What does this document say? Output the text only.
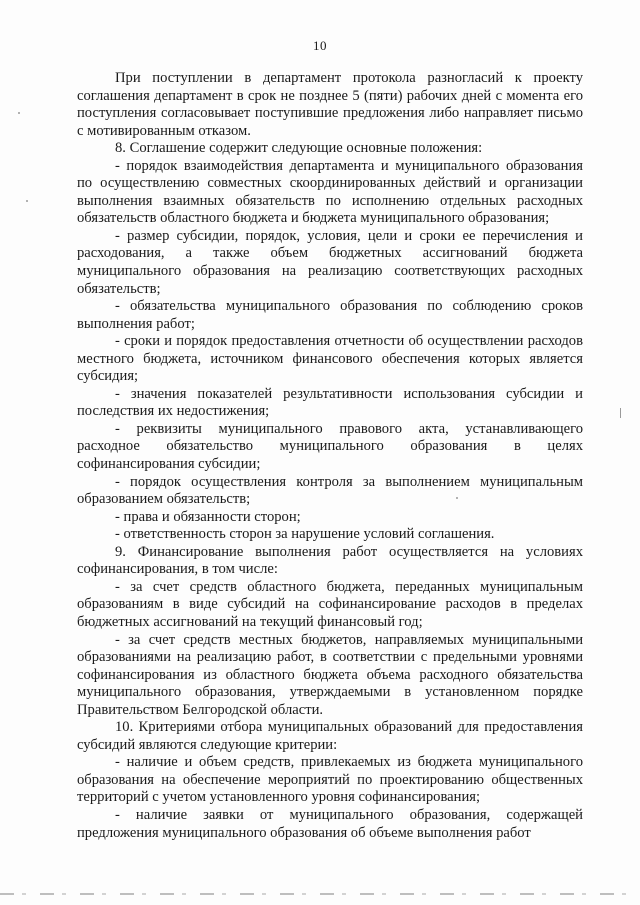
10

При поступлении в департамент протокола разногласий к проекту соглашения департамент в срок не позднее 5 (пяти) рабочих дней с момента его поступления согласовывает поступившие предложения либо направляет письмо с мотивированным отказом.

8. Соглашение содержит следующие основные положения:

- порядок взаимодействия департамента и муниципального образования по осуществлению совместных скоординированных действий и организации выполнения взаимных обязательств по исполнению отдельных расходных обязательств областного бюджета и бюджета муниципального образования;

- размер субсидии, порядок, условия, цели и сроки ее перечисления и расходования, а также объем бюджетных ассигнований бюджета муниципального образования на реализацию соответствующих расходных обязательств;

- обязательства муниципального образования по соблюдению сроков выполнения работ;

- сроки и порядок предоставления отчетности об осуществлении расходов местного бюджета, источником финансового обеспечения которых является субсидия;

- значения показателей результативности использования субсидии и последствия их недостижения;

- реквизиты муниципального правового акта, устанавливающего расходное обязательство муниципального образования в целях софинансирования субсидии;

- порядок осуществления контроля за выполнением муниципальным образованием обязательств;

- права и обязанности сторон;

- ответственность сторон за нарушение условий соглашения.

9. Финансирование выполнения работ осуществляется на условиях софинансирования, в том числе:

- за счет средств областного бюджета, переданных муниципальным образованиям в виде субсидий на софинансирование расходов в пределах бюджетных ассигнований на текущий финансовый год;

- за счет средств местных бюджетов, направляемых муниципальными образованиями на реализацию работ, в соответствии с предельными уровнями софинансирования из областного бюджета объема расходного обязательства муниципального образования, утверждаемыми в установленном порядке Правительством Белгородской области.

10. Критериями отбора муниципальных образований для предоставления субсидий являются следующие критерии:

- наличие и объем средств, привлекаемых из бюджета муниципального образования на обеспечение мероприятий по проектированию общественных территорий с учетом установленного уровня софинансирования;

- наличие заявки от муниципального образования, содержащей предложения муниципального образования об объеме выполнения работ
